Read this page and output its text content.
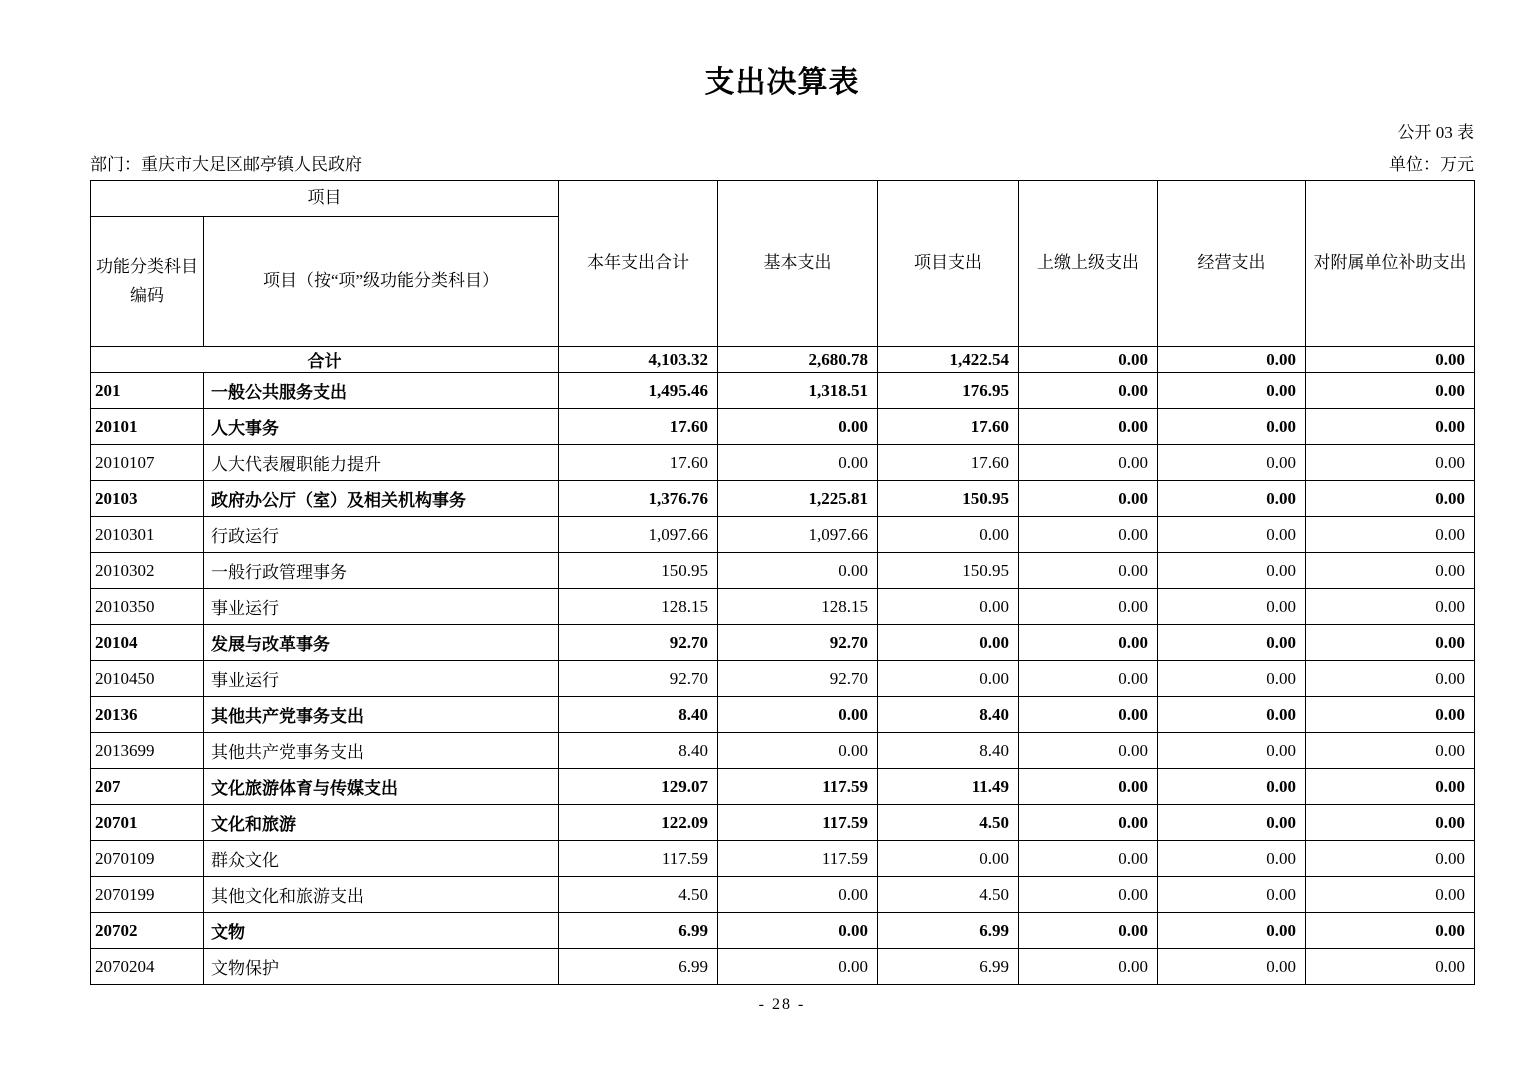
支出决算表
公开 03 表
部门：重庆市大足区邮亭镇人民政府	单位：万元
项目		本年支出合计	基本支出	项目支出	上缴上级支出	经营支出	对附属单位补助支出
功能分类科目编码	项目（按“项”级功能分类科目）						
合计		4,103.32	2,680.78	1,422.54	0.00	0.00	0.00
201	一般公共服务支出	1,495.46	1,318.51	176.95	0.00	0.00	0.00
20101	人大事务	17.60	0.00	17.60	0.00	0.00	0.00
2010107	人大代表履职能力提升	17.60	0.00	17.60	0.00	0.00	0.00
20103	政府办公厅（室）及相关机构事务	1,376.76	1,225.81	150.95	0.00	0.00	0.00
2010301	行政运行	1,097.66	1,097.66	0.00	0.00	0.00	0.00
2010302	一般行政管理事务	150.95	0.00	150.95	0.00	0.00	0.00
2010350	事业运行	128.15	128.15	0.00	0.00	0.00	0.00
20104	发展与改革事务	92.70	92.70	0.00	0.00	0.00	0.00
2010450	事业运行	92.70	92.70	0.00	0.00	0.00	0.00
20136	其他共产党事务支出	8.40	0.00	8.40	0.00	0.00	0.00
2013699	其他共产党事务支出	8.40	0.00	8.40	0.00	0.00	0.00
207	文化旅游体育与传媒支出	129.07	117.59	11.49	0.00	0.00	0.00
20701	文化和旅游	122.09	117.59	4.50	0.00	0.00	0.00
2070109	群众文化	117.59	117.59	0.00	0.00	0.00	0.00
2070199	其他文化和旅游支出	4.50	0.00	4.50	0.00	0.00	0.00
20702	文物	6.99	0.00	6.99	0.00	0.00	0.00
2070204	文物保护	6.99	0.00	6.99	0.00	0.00	0.00
- 28 -
